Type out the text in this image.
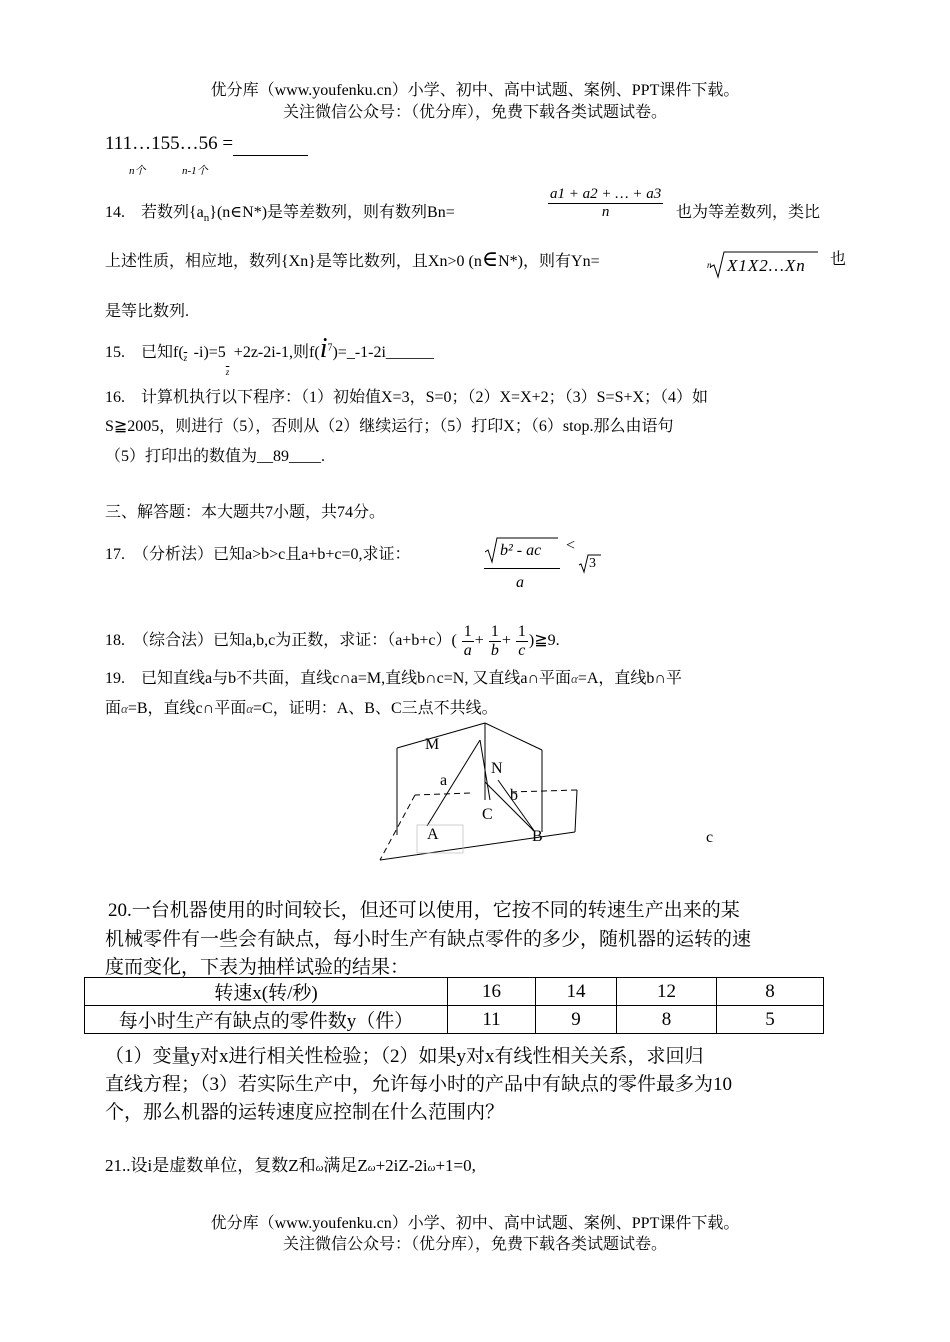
优分库（www.youfenku.cn）小学、初中、高中试题、案例、PPT课件下载。
关注微信公众号：（优分库），免费下载各类试题试卷。
111…155…56 =
n个	n-1个
14.　若数列$\{a_n\}(n\in N*)$是等差数列，则有数列Bn=	$\frac{a1 + a2 + \dots + a3}{n}$ 也为等差数列，类比
上述性质，相应地，数列{Xn}是等比数列，且Xn>0 (n∈N*)，则有Yn=	n X1X2…Xn 也
是等比数列.
15.　已知f( $\overline{z}$ -i)=5
$\overline{z}$
+2z-2i-1,则$f(i^7)=\_-1-2i\_\_\_\_\_\_$
16.　计算机执行以下程序：（1）初始值X=3，S=0；（2）X=X+2；（3）S=S+X；（4）如
S≧2005，则进行（5），否则从（2）继续运行；（5）打印X；（6）stop.那么由语句
（5）打印出的数值为__89____.
三、解答题：本大题共7小题，共74分。
17.　（分析法）已知a>b>c且a+b+c=0,求证：	b² - ac
a
<
3
18.　（综合法）已知a,b,c为正数，求证：$(a+b+c)( \frac{1}{a} + \frac{1}{b} + \frac{1}{c}$ )≧9.
19.　已知直线a与b不共面，直线c∩a=M,直线b∩c=N, 又直线a∩平面α=A，直线b∩平
面α=B，直线c∩平面α=C，证明：A、B、C三点不共线。
M
N
a
b
C
A	B	c
20.一台机器使用的时间较长，但还可以使用，它按不同的转速生产出来的某
机械零件有一些会有缺点，每小时生产有缺点零件的多少，随机器的运转的速
度而变化，下表为抽样试验的结果：
转速x(转/秒)	16	14	12	8
每小时生产有缺点的零件数y（件）	11	9	8	5
（1）变量y对x进行相关性检验；（2）如果y对x有线性相关关系，求回归
直线方程；（3）若实际生产中，允许每小时的产品中有缺点的零件最多为10
个，那么机器的运转速度应控制在什么范围内？
21..设i是虚数单位，复数Z和ω满足Zω+2iZ-2iω+1=0,
优分库（www.youfenku.cn）小学、初中、高中试题、案例、PPT课件下载。
关注微信公众号：（优分库），免费下载各类试题试卷。
